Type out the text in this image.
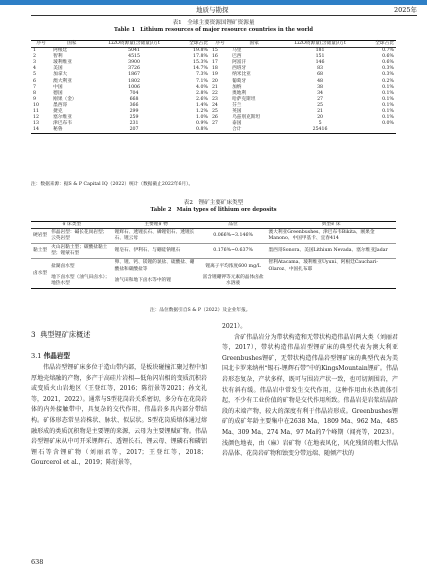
地质与勘探	2025年
表1　全球主要资源国锂矿资源量
Table 1　Lithium resources of major resource countries in the world
序号	国家	Li2O资源量(含储量)/万t	全球占比	序号	国家	Li2O资源量(含储量)/万t	全球占比
1	阿根廷	5041	19.8%	15	马里	181	0.7%
2	智利	4515	17.8%	16	巴西	151	0.6%
3	玻利维亚	3900	15.3%	17	阿富汗	146	0.6%
4	美国	3726	14.7%	18	西班牙	83	0.3%
5	加拿大	1867	7.3%	19	纳米比亚	68	0.3%
6	澳大利亚	1802	7.1%	20	葡萄牙	48	0.2%
7	中国	1006	4.0%	21	加纳	38	0.1%
8	德国	704	2.8%	22	奥地利	34	0.1%
9	刚果（金）	668	2.6%	23	哈萨克斯坦	27	0.1%
10	墨西哥	366	1.4%	24	芬兰	25	0.1%
11	捷克	299	1.2%	25	英国	21	0.1%
12	塞尔维亚	259	1.0%	26	乌兹别克斯坦	20	0.1%
13	津巴布韦	231	0.9%	27	泰国	5	0.0%
14	秘鲁	207	0.8%		合计	25416	
注：数据来源：据S & P Capital IQ（2022）统计（数据截止2022年6月）。
表2　锂矿主要矿床类型
Table 2　Main types of lithium ore deposits
矿床类型		主要锂矿物	品位	典型矿床
硬岩型	伟晶岩型：碱长花岗岩型；云英岩型	锂辉石、透锂长石、磷锂铝石、透锂长石、锂云母	0.066%~3.146%	澳大利亚Greenbushes、津巴布韦Bikita、刚果金Manono、中国甲基卡、宜春414
黏土型	火山岩黏土型；碳酸盐黏土型；锂蒙石型	锂皂石、伊利石、与硼硅钠锂石	0.176%~0.637%	墨西哥Sonora、美国Lithium Nevada、塞尔维亚Jadar
卤水型	盐湖卤水型	卵、锂、钙、镁锂的氯盐、硫酸盐、硼酸盐和碳酸盐等	锂离子平均浓度600 mg/L	智利Atacama、玻利维亚Uyuni、阿根廷Cauchari-Olaroz、中国扎布耶
	地下卤水型（油气田卤水）；地热水型	油气田和地下卤水等中的锂	富含锂硼钾等元素的晶体卤盐水溶液	
注：品位数据引自S & P（2022）及企业年报。
3 典型锂矿床概述
3.1 伟晶岩型
伟晶岩型锂矿床多位于造山带内部，是板块碰撞汇聚过程中加厚地壳熔融的产物，多产于高硅片岩相—低角闪岩相的变质沉积岩或变质火山岩地区（王登红等，2016；陈衍景等2021；孙文礼等，2021，2022）。通常与S型花岗岩关系密切，多分布在花岗岩体的内外接触带中，具复杂的交代作用，伟晶岩多具内部分带结构。矿体形态常呈岩株状、脉状、似层状。S型花岗质熔体通过熔融形成的类质沉积物是主要锂的来源，云母为主要锂赋矿物。伟晶岩型锂矿床从中可开采锂辉石、透锂长石、锂云母、锂磷石和磷铝锂石等含锂矿物（刘丽君等，2017；王登红等，2018；Gourcerol et al.，2019；陈衍景等，
2021）。
含矿伟晶岩分为带状构造和无带状构造伟晶岩两大类（刘丽君等，2017），带状构造伟晶岩型锂矿床的典型代表为澳大利亚Greenbushes锂矿，无带状构造伟晶岩型锂矿床的典型代表为美国北卡罗来纳州“锡石-锂辉石带”中的KingsMountain锂矿。伟晶岩形态复杂，产状多样，既可与围岩产状一致，也可切割围岩，产状有斜有缓。伟晶岩中常发生交代作用，这种作用由水热流体引起，不少有工业价值的矿物是交代作用所致。伟晶岩是岩浆结晶阶段的末端产物，较大的深度有利于伟晶岩形成。Greenbushes锂矿的成矿年龄主要集中在2638 Ma、1809 Ma、962 Ma、485 Ma、309 Ma、274 Ma、97 Ma的7个峰期（闻亮等，2023）。浅颜色地表，由（麻）岩矿物（在地表风化，风化残留的粗大伟晶岩晶体、花岗岩矿物和蚀变分带远端、随倾产状的
638
